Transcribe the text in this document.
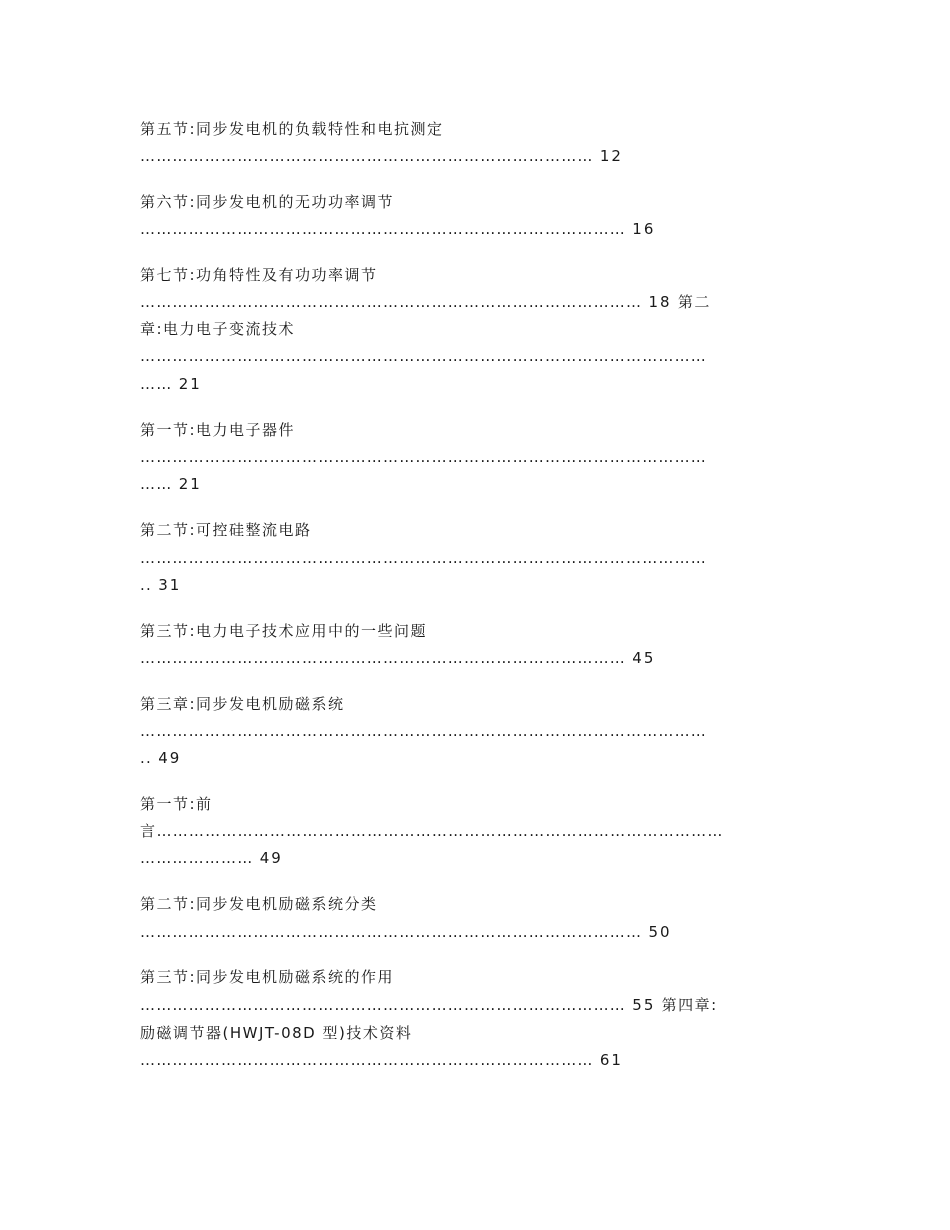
第五节:同步发电机的负载特性和电抗测定
………………………………………………………………………… 12
第六节:同步发电机的无功功率调节
……………………………………………………………………………… 16
第七节:功角特性及有功功率调节
………………………………………………………………………………… 18 第二
章:电力电子变流技术
……………………………………………………………………………………………
…… 21
第一节:电力电子器件
……………………………………………………………………………………………
…… 21
第二节:可控硅整流电路
……………………………………………………………………………………………
.. 31
第三节:电力电子技术应用中的一些问题
……………………………………………………………………………… 45
第三章:同步发电机励磁系统
……………………………………………………………………………………………
.. 49
第一节:前
言……………………………………………………………………………………………
………………… 49
第二节:同步发电机励磁系统分类
………………………………………………………………………………… 50
第三节:同步发电机励磁系统的作用
……………………………………………………………………………… 55 第四章:
励磁调节器(HWJT-08D 型)技术资料
………………………………………………………………………… 61
